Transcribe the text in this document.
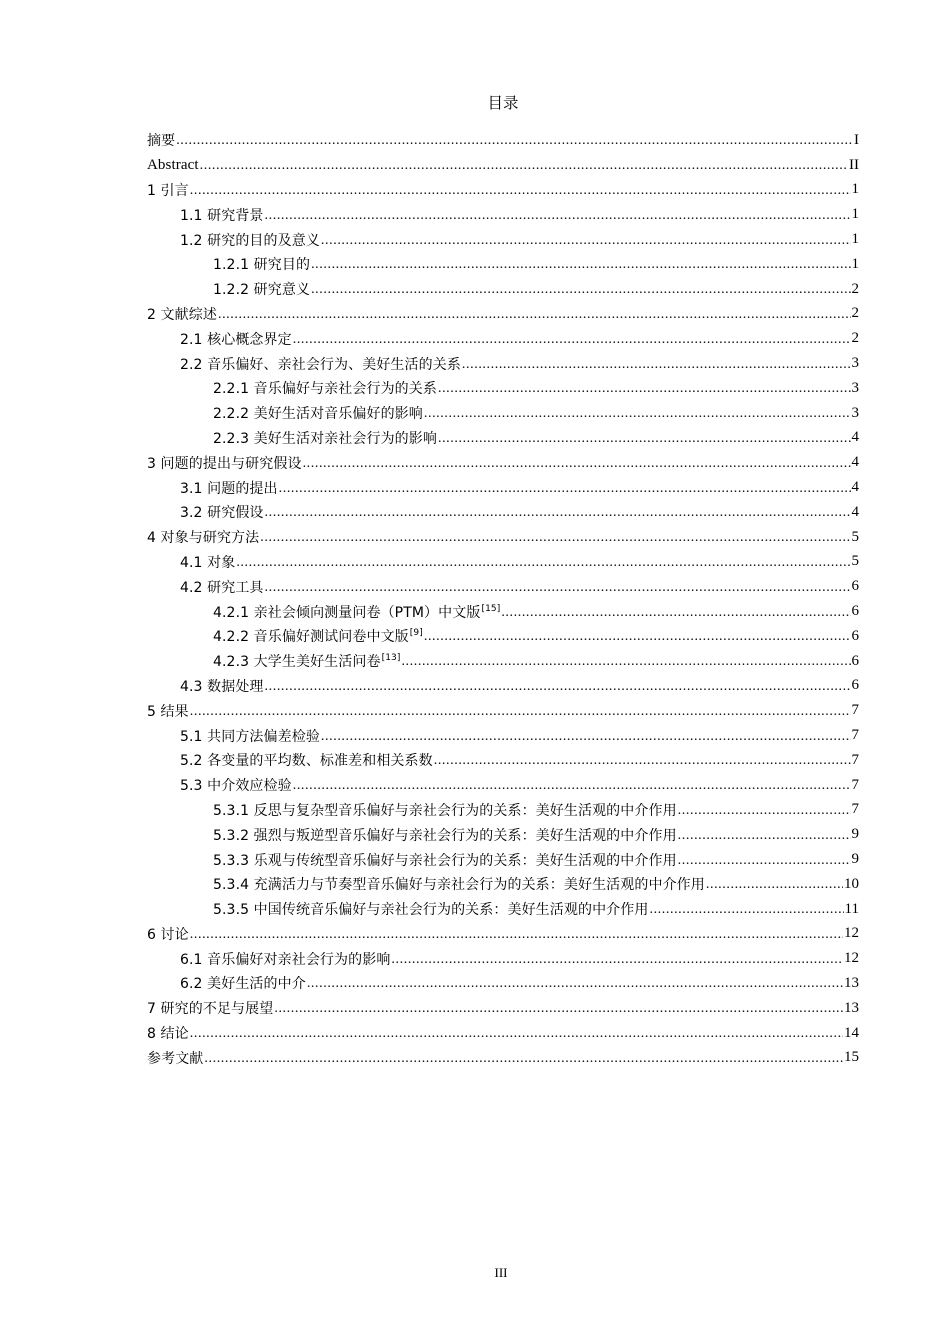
目录
摘要 .....	I
Abstract .....	II
1 引言 .....	1
1.1 研究背景 .....	1
1.2 研究的目的及意义 .....	1
1.2.1 研究目的 .....	1
1.2.2 研究意义 .....	2
2 文献综述 .....	2
2.1 核心概念界定 .....	2
2.2 音乐偏好、亲社会行为、美好生活的关系 .....	3
2.2.1 音乐偏好与亲社会行为的关系 .....	3
2.2.2 美好生活对音乐偏好的影响 .....	3
2.2.3 美好生活对亲社会行为的影响 .....	4
3 问题的提出与研究假设 .....	4
3.1 问题的提出 .....	4
3.2 研究假设 .....	4
4 对象与研究方法 .....	5
4.1 对象 .....	5
4.2 研究工具 .....	6
4.2.1 亲社会倾向测量问卷（PTM）中文版[15] .....	6
4.2.2 音乐偏好测试问卷中文版[9] .....	6
4.2.3 大学生美好生活问卷[13] .....	6
4.3 数据处理 .....	6
5 结果 .....	7
5.1 共同方法偏差检验 .....	7
5.2 各变量的平均数、标准差和相关系数 .....	7
5.3 中介效应检验 .....	7
5.3.1 反思与复杂型音乐偏好与亲社会行为的关系：美好生活观的中介作用 .....	7
5.3.2 强烈与叛逆型音乐偏好与亲社会行为的关系：美好生活观的中介作用 .....	9
5.3.3 乐观与传统型音乐偏好与亲社会行为的关系：美好生活观的中介作用 .....	9
5.3.4 充满活力与节奏型音乐偏好与亲社会行为的关系：美好生活观的中介作用 .....	10
5.3.5 中国传统音乐偏好与亲社会行为的关系：美好生活观的中介作用 .....	11
6 讨论 .....	12
6.1 音乐偏好对亲社会行为的影响 .....	12
6.2 美好生活的中介 .....	13
7 研究的不足与展望 .....	13
8 结论 .....	14
参考文献 .....	15
III
